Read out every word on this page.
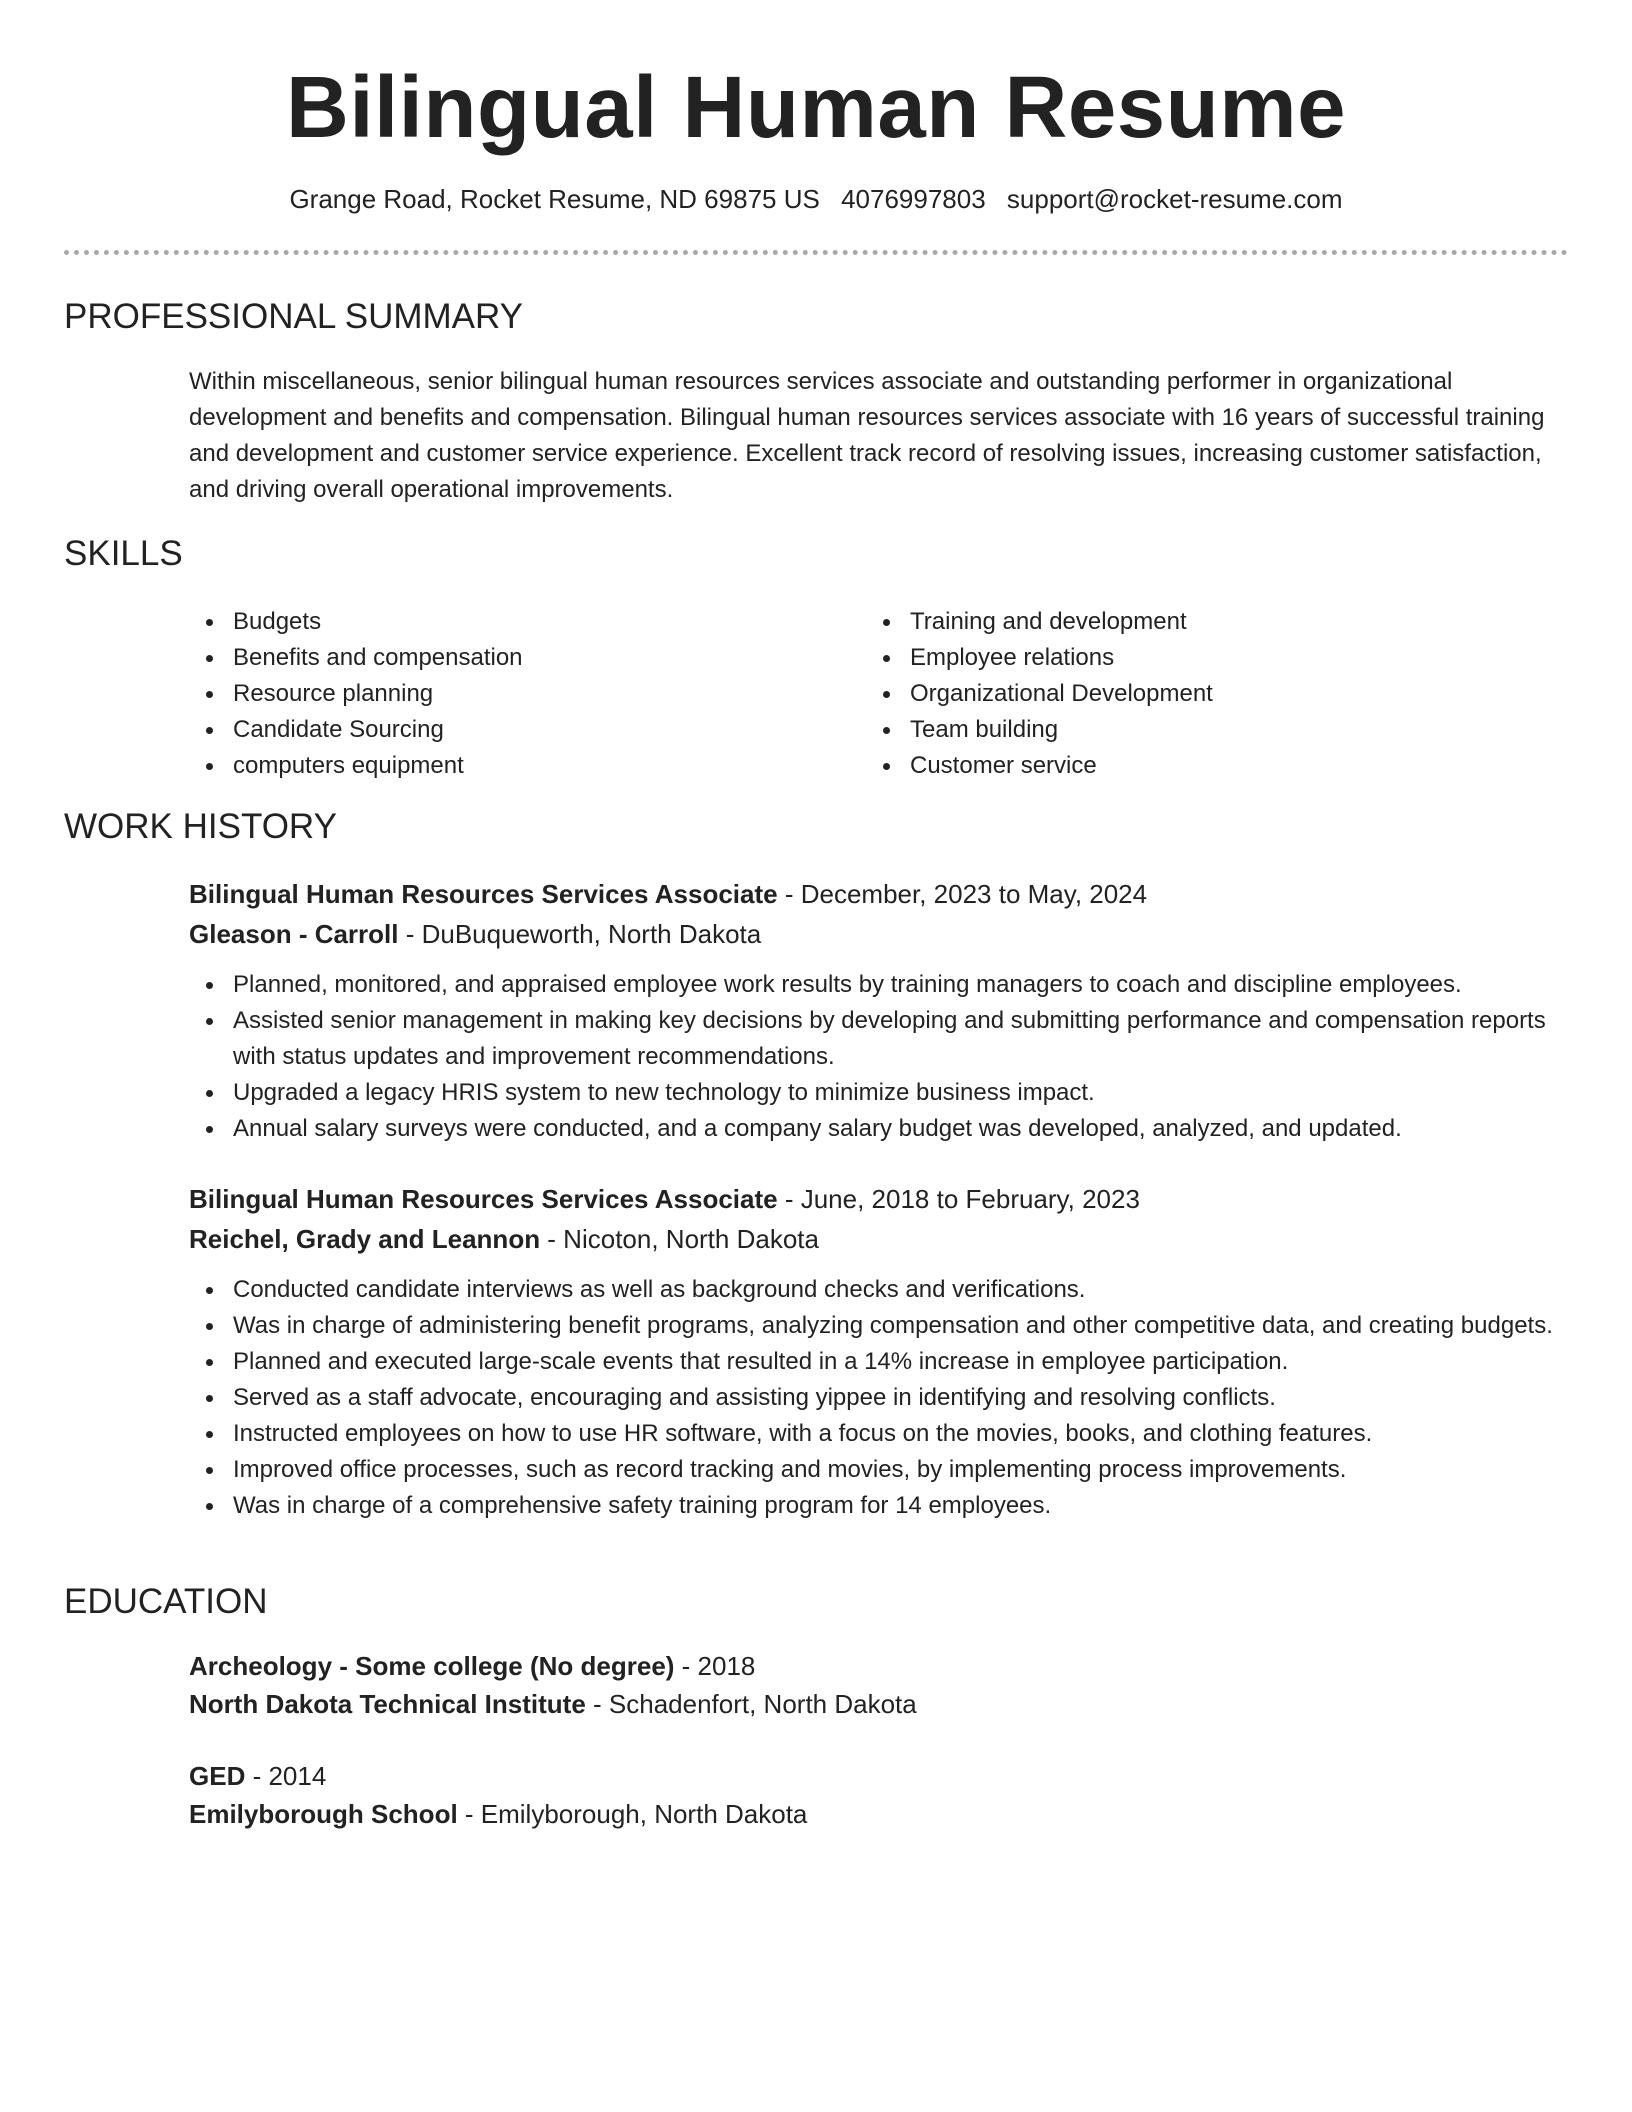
Bilingual Human Resume
Grange Road, Rocket Resume, ND 69875 US 4076997803 support@rocket-resume.com
PROFESSIONAL SUMMARY

Within miscellaneous, senior bilingual human resources services associate and outstanding performer in organizational development and benefits and compensation. Bilingual human resources services associate with 16 years of successful training and development and customer service experience. Excellent track record of resolving issues, increasing customer satisfaction, and driving overall operational improvements.

SKILLS
Budgets
Benefits and compensation
Resource planning
Candidate Sourcing
computers equipment
Training and development
Employee relations
Organizational Development
Team building
Customer service
WORK HISTORY
Bilingual Human Resources Services Associate - December, 2023 to May, 2024
Gleason - Carroll - DuBuqueworth, North Dakota
Planned, monitored, and appraised employee work results by training managers to coach and discipline employees.
Assisted senior management in making key decisions by developing and submitting performance and compensation reports with status updates and improvement recommendations.
Upgraded a legacy HRIS system to new technology to minimize business impact.
Annual salary surveys were conducted, and a company salary budget was developed, analyzed, and updated.
Bilingual Human Resources Services Associate - June, 2018 to February, 2023
Reichel, Grady and Leannon - Nicoton, North Dakota
Conducted candidate interviews as well as background checks and verifications.
Was in charge of administering benefit programs, analyzing compensation and other competitive data, and creating budgets.
Planned and executed large-scale events that resulted in a 14% increase in employee participation.
Served as a staff advocate, encouraging and assisting yippee in identifying and resolving conflicts.
Instructed employees on how to use HR software, with a focus on the movies, books, and clothing features.
Improved office processes, such as record tracking and movies, by implementing process improvements.
Was in charge of a comprehensive safety training program for 14 employees.
EDUCATION
Archeology - Some college (No degree) - 2018
North Dakota Technical Institute - Schadenfort, North Dakota
GED - 2014
Emilyborough School - Emilyborough, North Dakota
